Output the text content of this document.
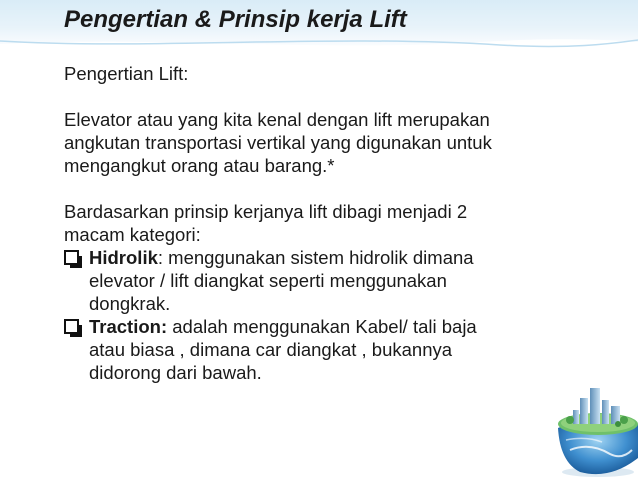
Pengertian & Prinsip kerja Lift

Pengertian Lift:

Elevator atau yang kita kenal dengan lift merupakan

angkutan transportasi vertikal yang digunakan untuk

mengangkut orang atau barang.*

Bardasarkan prinsip kerjanya lift dibagi menjadi 2

macam kategori:

Hidrolik: menggunakan sistem hidrolik dimana
elevator / lift diangkat seperti menggunakan
dongkrak.
Traction: adalah menggunakan Kabel/ tali baja
atau biasa , dimana car diangkat , bukannya
didorong dari bawah.
